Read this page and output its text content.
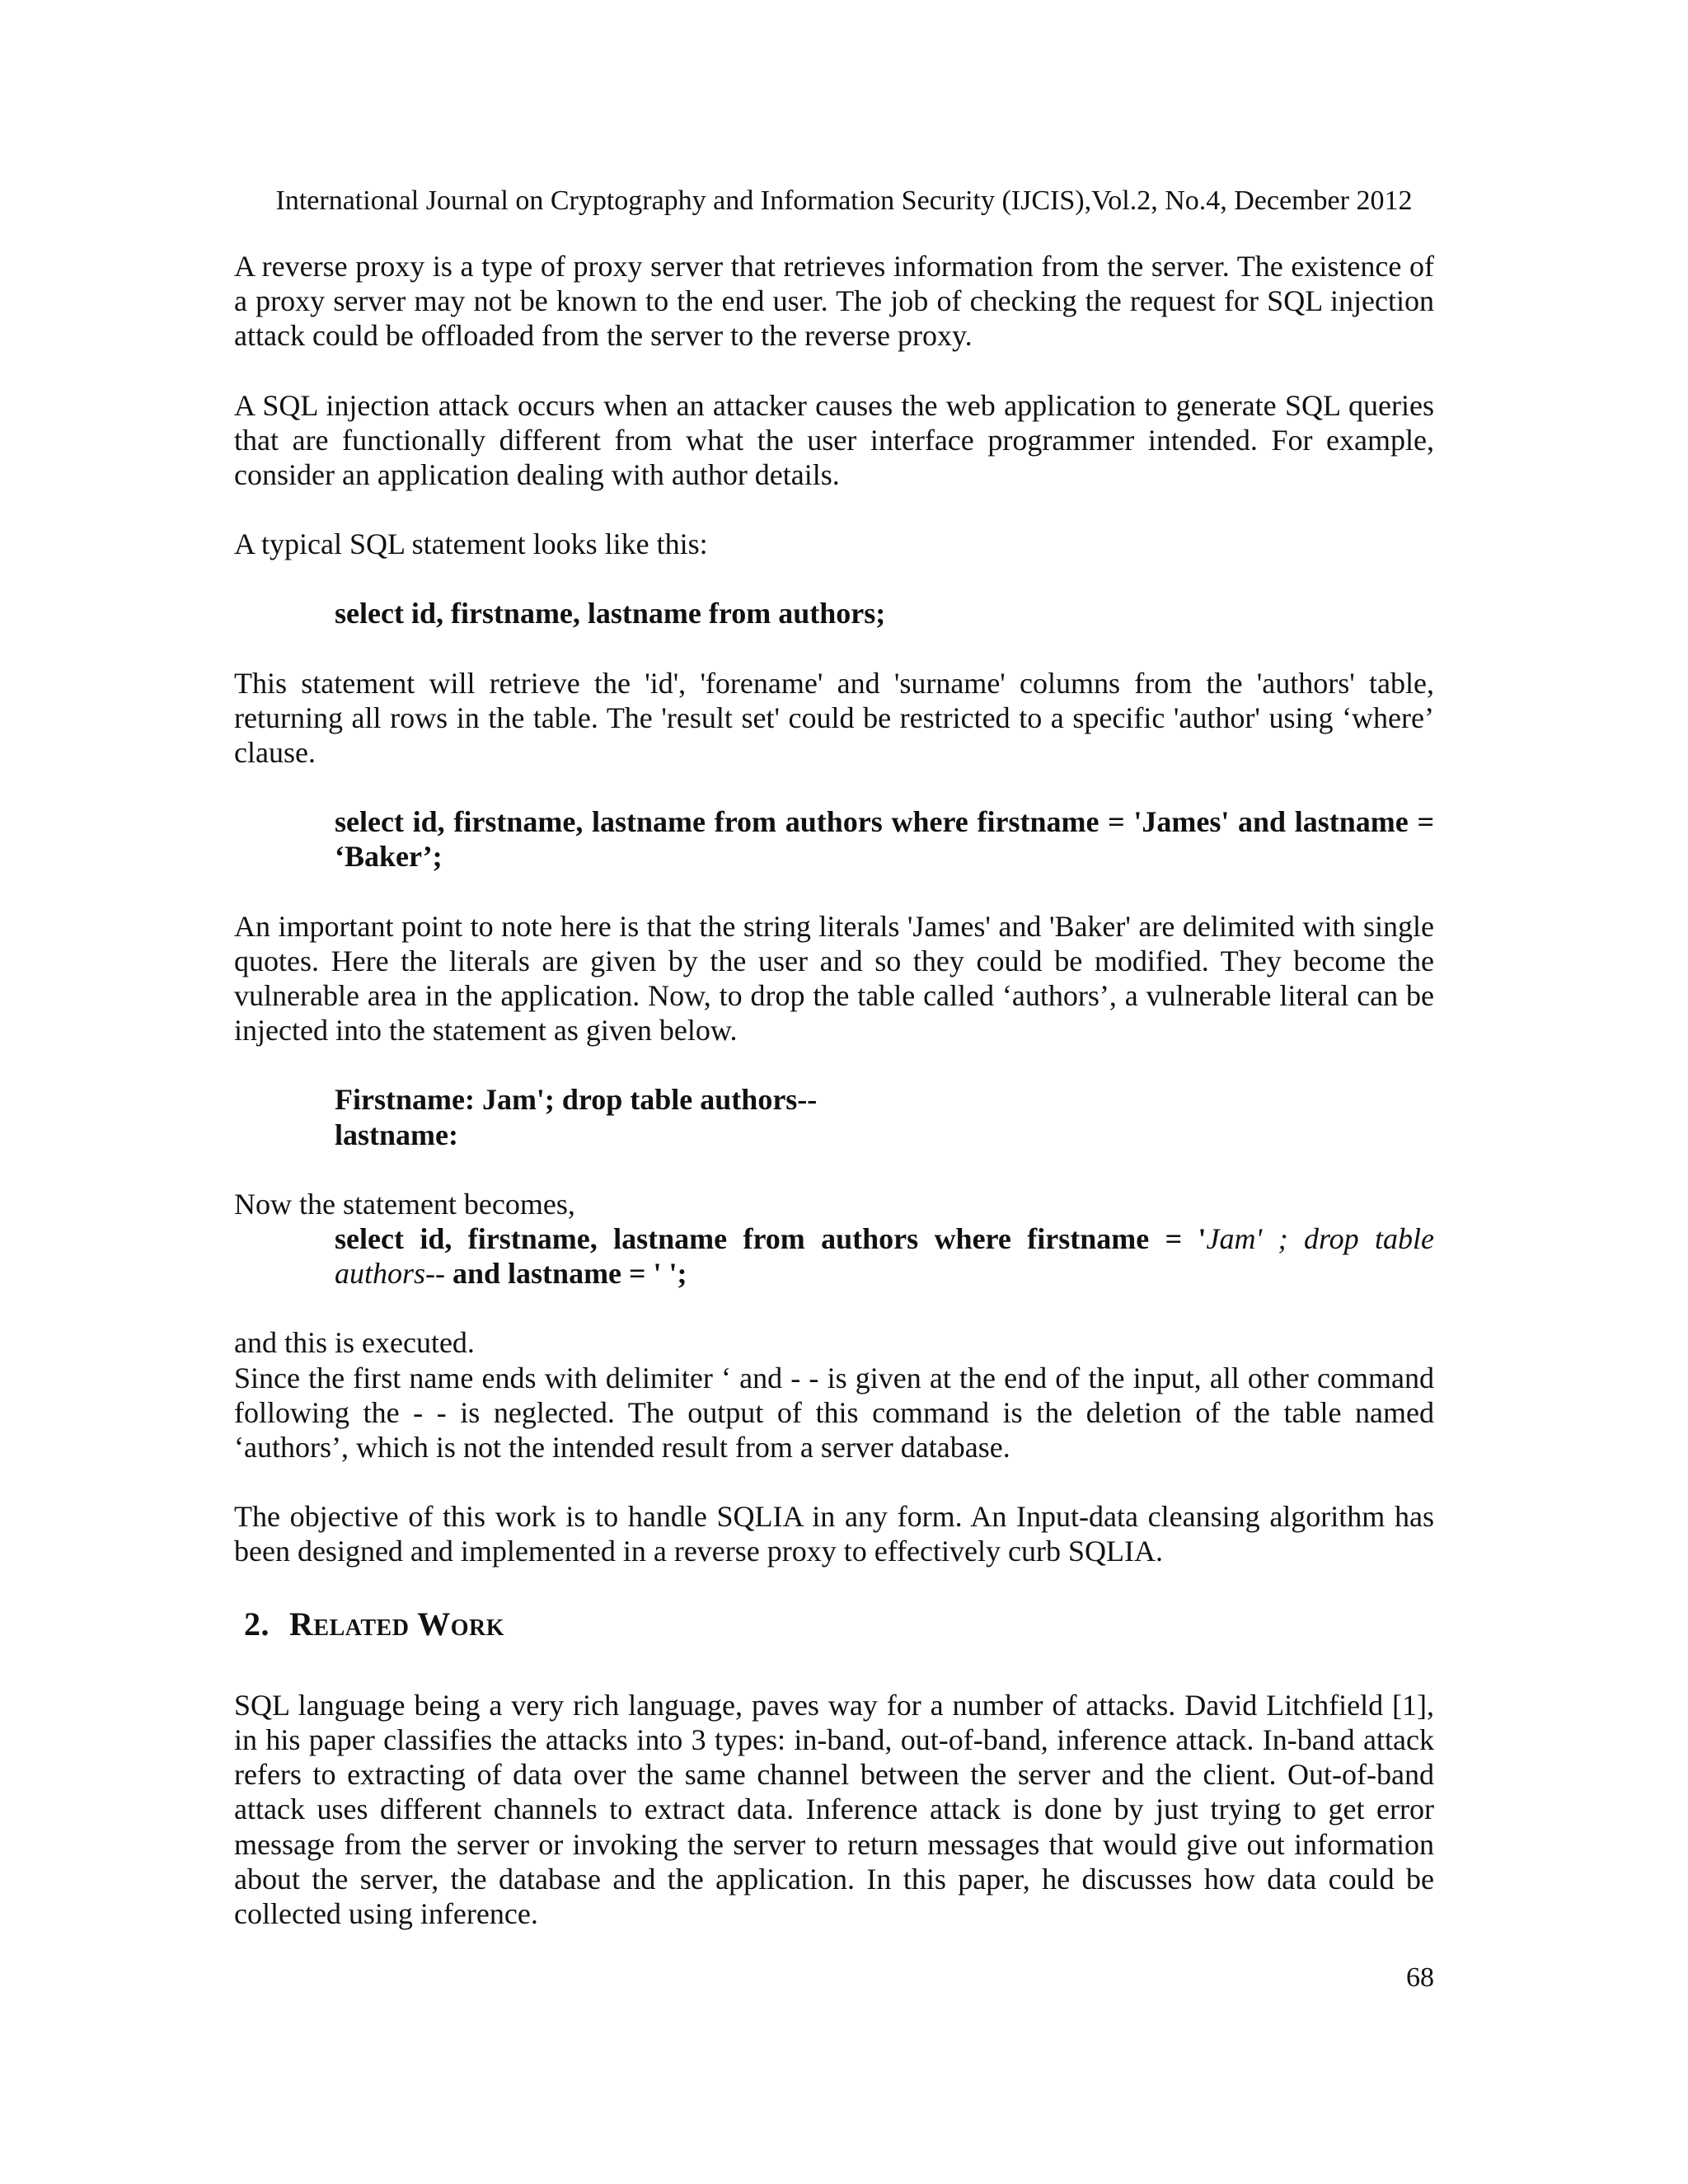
International Journal on Cryptography and Information Security (IJCIS),Vol.2, No.4, December 2012

A reverse proxy is a type of proxy server that retrieves information from the server. The existence of a proxy server may not be known to the end user. The job of checking the request for SQL injection attack could be offloaded from the server to the reverse proxy.

A SQL injection attack occurs when an attacker causes the web application to generate SQL queries that are functionally different from what the user interface programmer intended. For example, consider an application dealing with author details.

A typical SQL statement looks like this:

select id, firstname, lastname from authors;

This statement will retrieve the 'id', 'forename' and 'surname' columns from the 'authors' table, returning all rows in the table. The 'result set' could be restricted to a specific 'author' using ‘where’ clause.

select id, firstname, lastname from authors where firstname = 'James' and lastname = ‘Baker’;

An important point to note here is that the string literals 'James' and 'Baker' are delimited with single quotes. Here the literals are given by the user and so they could be modified. They become the vulnerable area in the application. Now, to drop the table called ‘authors’, a vulnerable literal can be injected into the statement as given below.

Firstname: Jam'; drop table authors--
lastname:

Now the statement becomes,

select id, firstname, lastname from authors where firstname = 'Jam' ; drop table authors-- and lastname = ' ';

and this is executed.

Since the first name ends with delimiter ‘ and - - is given at the end of the input, all other command following the - - is neglected. The output of this command is the deletion of the table named ‘authors’, which is not the intended result from a server database.

The objective of this work is to handle SQLIA in any form. An Input-data cleansing algorithm has been designed and implemented in a reverse proxy to effectively curb SQLIA.

2. Related Work

SQL language being a very rich language, paves way for a number of attacks. David Litchfield [1], in his paper classifies the attacks into 3 types: in-band, out-of-band, inference attack. In-band attack refers to extracting of data over the same channel between the server and the client. Out-of-band attack uses different channels to extract data. Inference attack is done by just trying to get error message from the server or invoking the server to return messages that would give out information about the server, the database and the application. In this paper, he discusses how data could be collected using inference.

68
